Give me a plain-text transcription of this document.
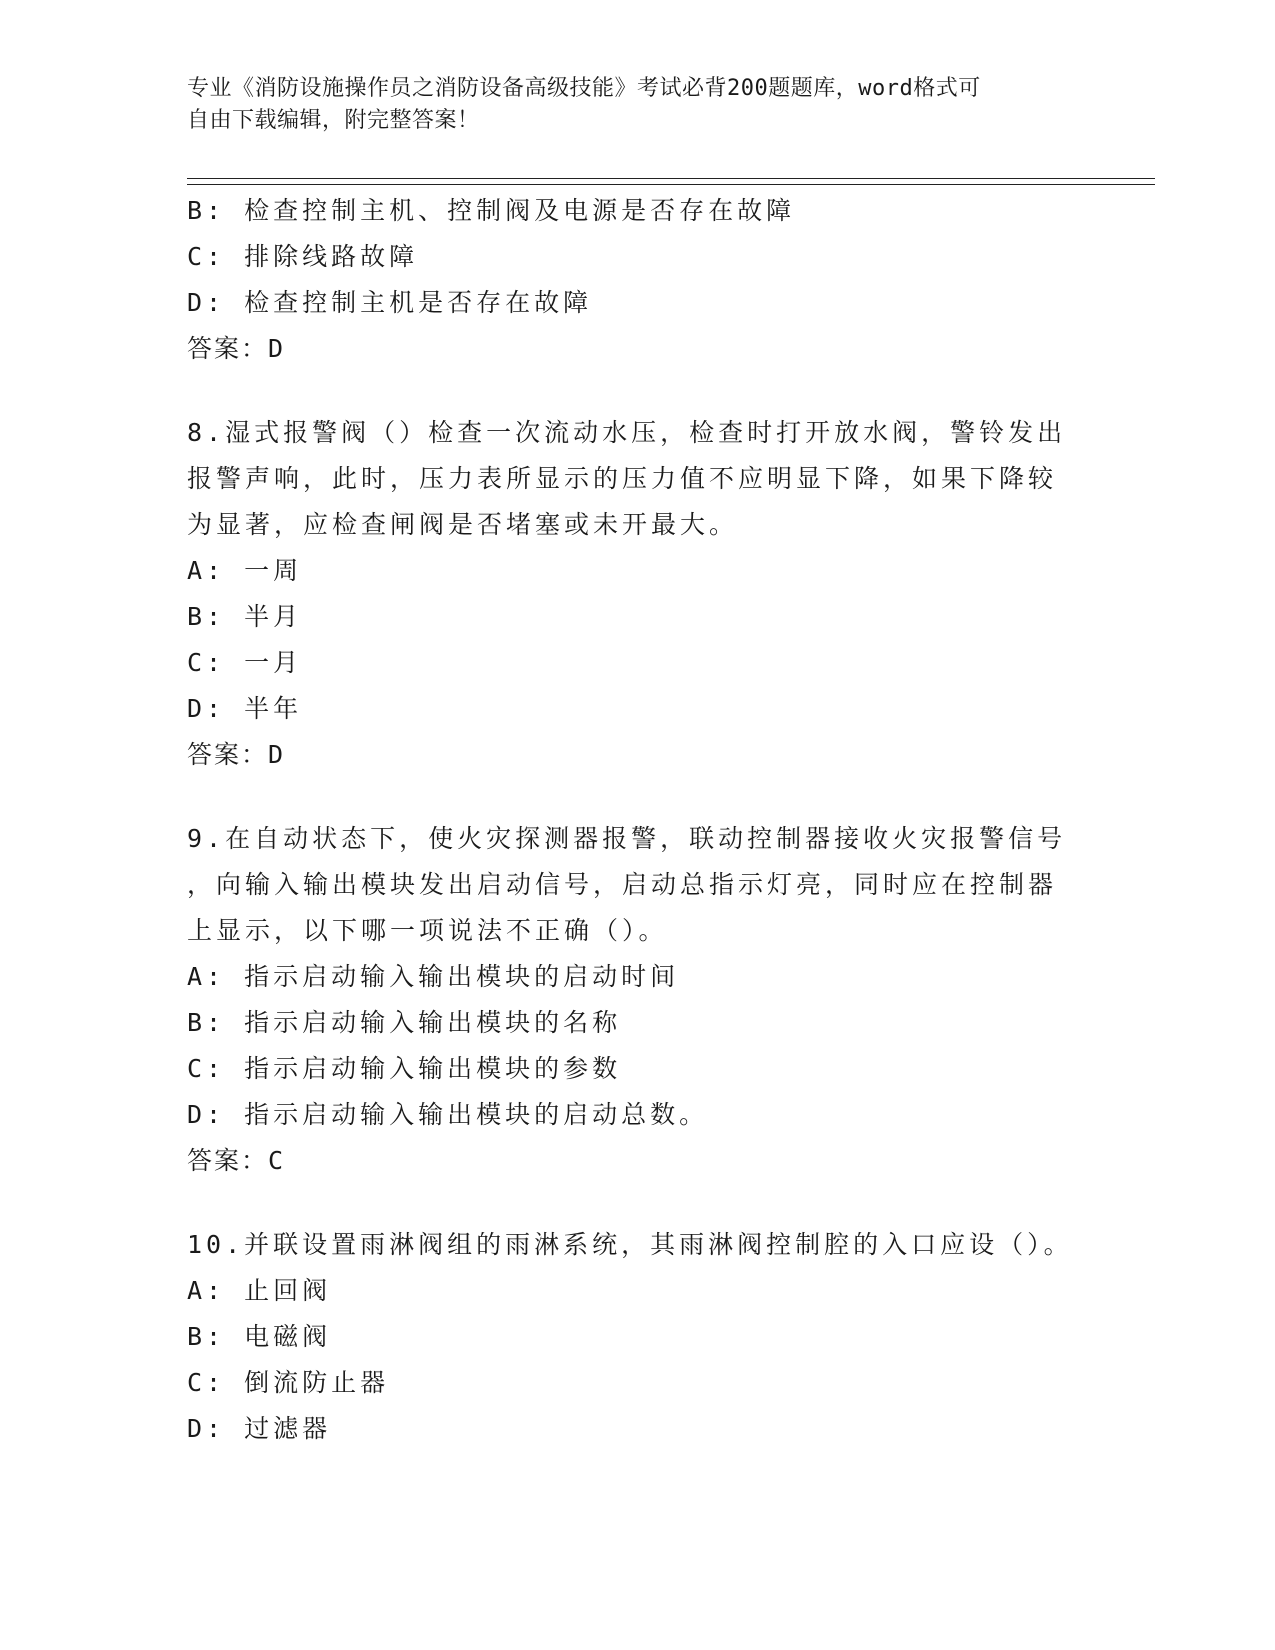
专业《消防设施操作员之消防设备高级技能》考试必背200题题库，word格式可
自由下载编辑，附完整答案！
B: 检查控制主机、控制阀及电源是否存在故障
C: 排除线路故障
D: 检查控制主机是否存在故障
答案：D
8.湿式报警阀（）检查一次流动水压，检查时打开放水阀，警铃发出
报警声响，此时，压力表所显示的压力值不应明显下降，如果下降较
为显著，应检查闸阀是否堵塞或未开最大。
A: 一周
B: 半月
C: 一月
D: 半年
答案：D
9.在自动状态下，使火灾探测器报警，联动控制器接收火灾报警信号
，向输入输出模块发出启动信号，启动总指示灯亮，同时应在控制器
上显示，以下哪一项说法不正确（）。
A: 指示启动输入输出模块的启动时间
B: 指示启动输入输出模块的名称
C: 指示启动输入输出模块的参数
D: 指示启动输入输出模块的启动总数。
答案：C
10.并联设置雨淋阀组的雨淋系统，其雨淋阀控制腔的入口应设（）。
A: 止回阀
B: 电磁阀
C: 倒流防止器
D: 过滤器
